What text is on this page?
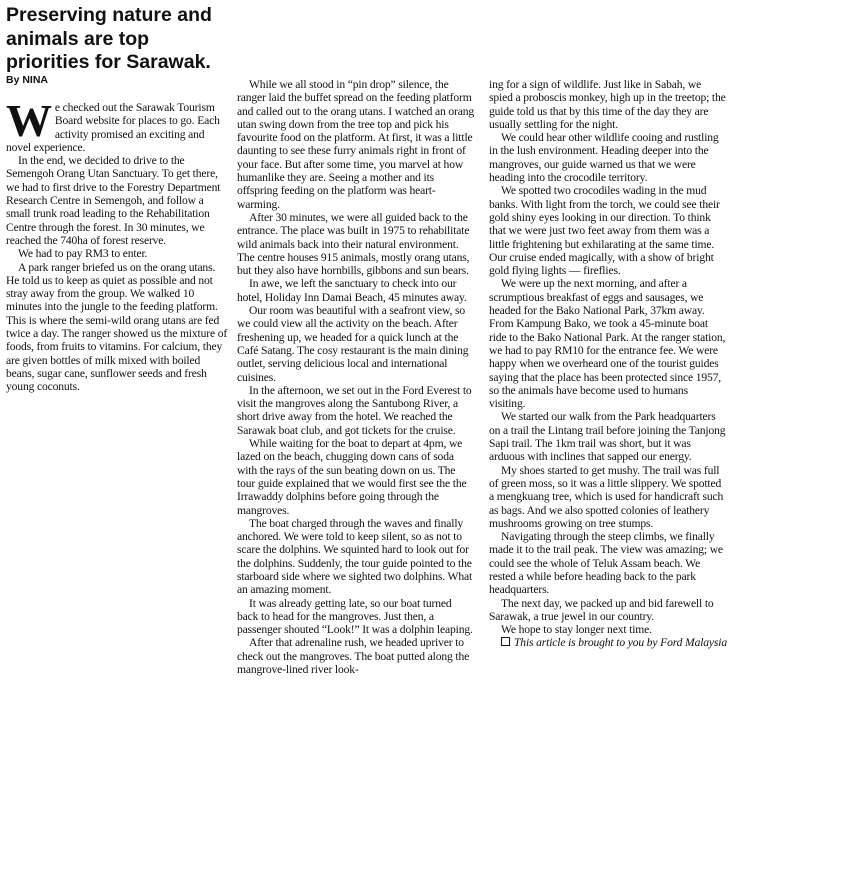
Preserving nature and animals are top priorities for Sarawak.
By NINA

We checked out the Sarawak Tourism Board website for places to go. Each activity promised an exciting and novel experience.

In the end, we decided to drive to the Semengoh Orang Utan Sanctuary. To get there, we had to first drive to the Forestry Department Research Centre in Semengoh, and follow a small trunk road leading to the Rehabilitation Centre through the forest. In 30 minutes, we reached the 740ha of forest reserve.

We had to pay RM3 to enter.

A park ranger briefed us on the orang utans. He told us to keep as quiet as possible and not stray away from the group. We walked 10 minutes into the jungle to the feeding platform. This is where the semi-wild orang utans are fed twice a day. The ranger showed us the mixture of foods, from fruits to vitamins. For calcium, they are given bottles of milk mixed with boiled beans, sugar cane, sunflower seeds and fresh young coconuts.

While we all stood in “pin drop” silence, the ranger laid the buffet spread on the feeding platform and called out to the orang utans. I watched an orang utan swing down from the tree top and pick his favourite food on the platform. At first, it was a little daunting to see these furry animals right in front of your face. But after some time, you marvel at how humanlike they are. Seeing a mother and its offspring feeding on the platform was heart-warming.

After 30 minutes, we were all guided back to the entrance. The place was built in 1975 to rehabilitate wild animals back into their natural environment. The centre houses 915 animals, mostly orang utans, but they also have hornbills, gibbons and sun bears.

In awe, we left the sanctuary to check into our hotel, Holiday Inn Damai Beach, 45 minutes away.

Our room was beautiful with a seafront view, so we could view all the activity on the beach. After freshening up, we headed for a quick lunch at the Café Satang. The cosy restaurant is the main dining outlet, serving delicious local and international cuisines.

In the afternoon, we set out in the Ford Everest to visit the mangroves along the Santubong River, a short drive away from the hotel. We reached the Sarawak boat club, and got tickets for the cruise.

While waiting for the boat to depart at 4pm, we lazed on the beach, chugging down cans of soda with the rays of the sun beating down on us. The tour guide explained that we would first see the the Irrawaddy dolphins before going through the mangroves.

The boat charged through the waves and finally anchored. We were told to keep silent, so as not to scare the dolphins. We squinted hard to look out for the dolphins. Suddenly, the tour guide pointed to the starboard side where we sighted two dolphins. What an amazing moment.

It was already getting late, so our boat turned back to head for the mangroves. Just then, a passenger shouted “Look!” It was a dolphin leaping.

After that adrenaline rush, we headed upriver to check out the mangroves. The boat putted along the mangrove-lined river look-

ing for a sign of wildlife. Just like in Sabah, we spied a proboscis monkey, high up in the treetop; the guide told us that by this time of the day they are usually settling for the night.

We could hear other wildlife cooing and rustling in the lush environment. Heading deeper into the mangroves, our guide warned us that we were heading into the crocodile territory.

We spotted two crocodiles wading in the mud banks. With light from the torch, we could see their gold shiny eyes looking in our direction. To think that we were just two feet away from them was a little frightening but exhilarating at the same time. Our cruise ended magically, with a show of bright gold flying lights — fireflies.

We were up the next morning, and after a scrumptious breakfast of eggs and sausages, we headed for the Bako National Park, 37km away. From Kampung Bako, we took a 45-minute boat ride to the Bako National Park. At the ranger station, we had to pay RM10 for the entrance fee. We were happy when we overheard one of the tourist guides saying that the place has been protected since 1957, so the animals have become used to humans visiting.

We started our walk from the Park headquarters on a trail the Lintang trail before joining the Tanjong Sapi trail. The 1km trail was short, but it was arduous with inclines that sapped our energy.

My shoes started to get mushy. The trail was full of green moss, so it was a little slippery. We spotted a mengkuang tree, which is used for handicraft such as bags. And we also spotted colonies of leathery mushrooms growing on tree stumps.

Navigating through the steep climbs, we finally made it to the trail peak. The view was amazing; we could see the whole of Teluk Assam beach. We rested a while before heading back to the park headquarters.

The next day, we packed up and bid farewell to Sarawak, a true jewel in our country.

We hope to stay longer next time.

This article is brought to you by Ford Malaysia
